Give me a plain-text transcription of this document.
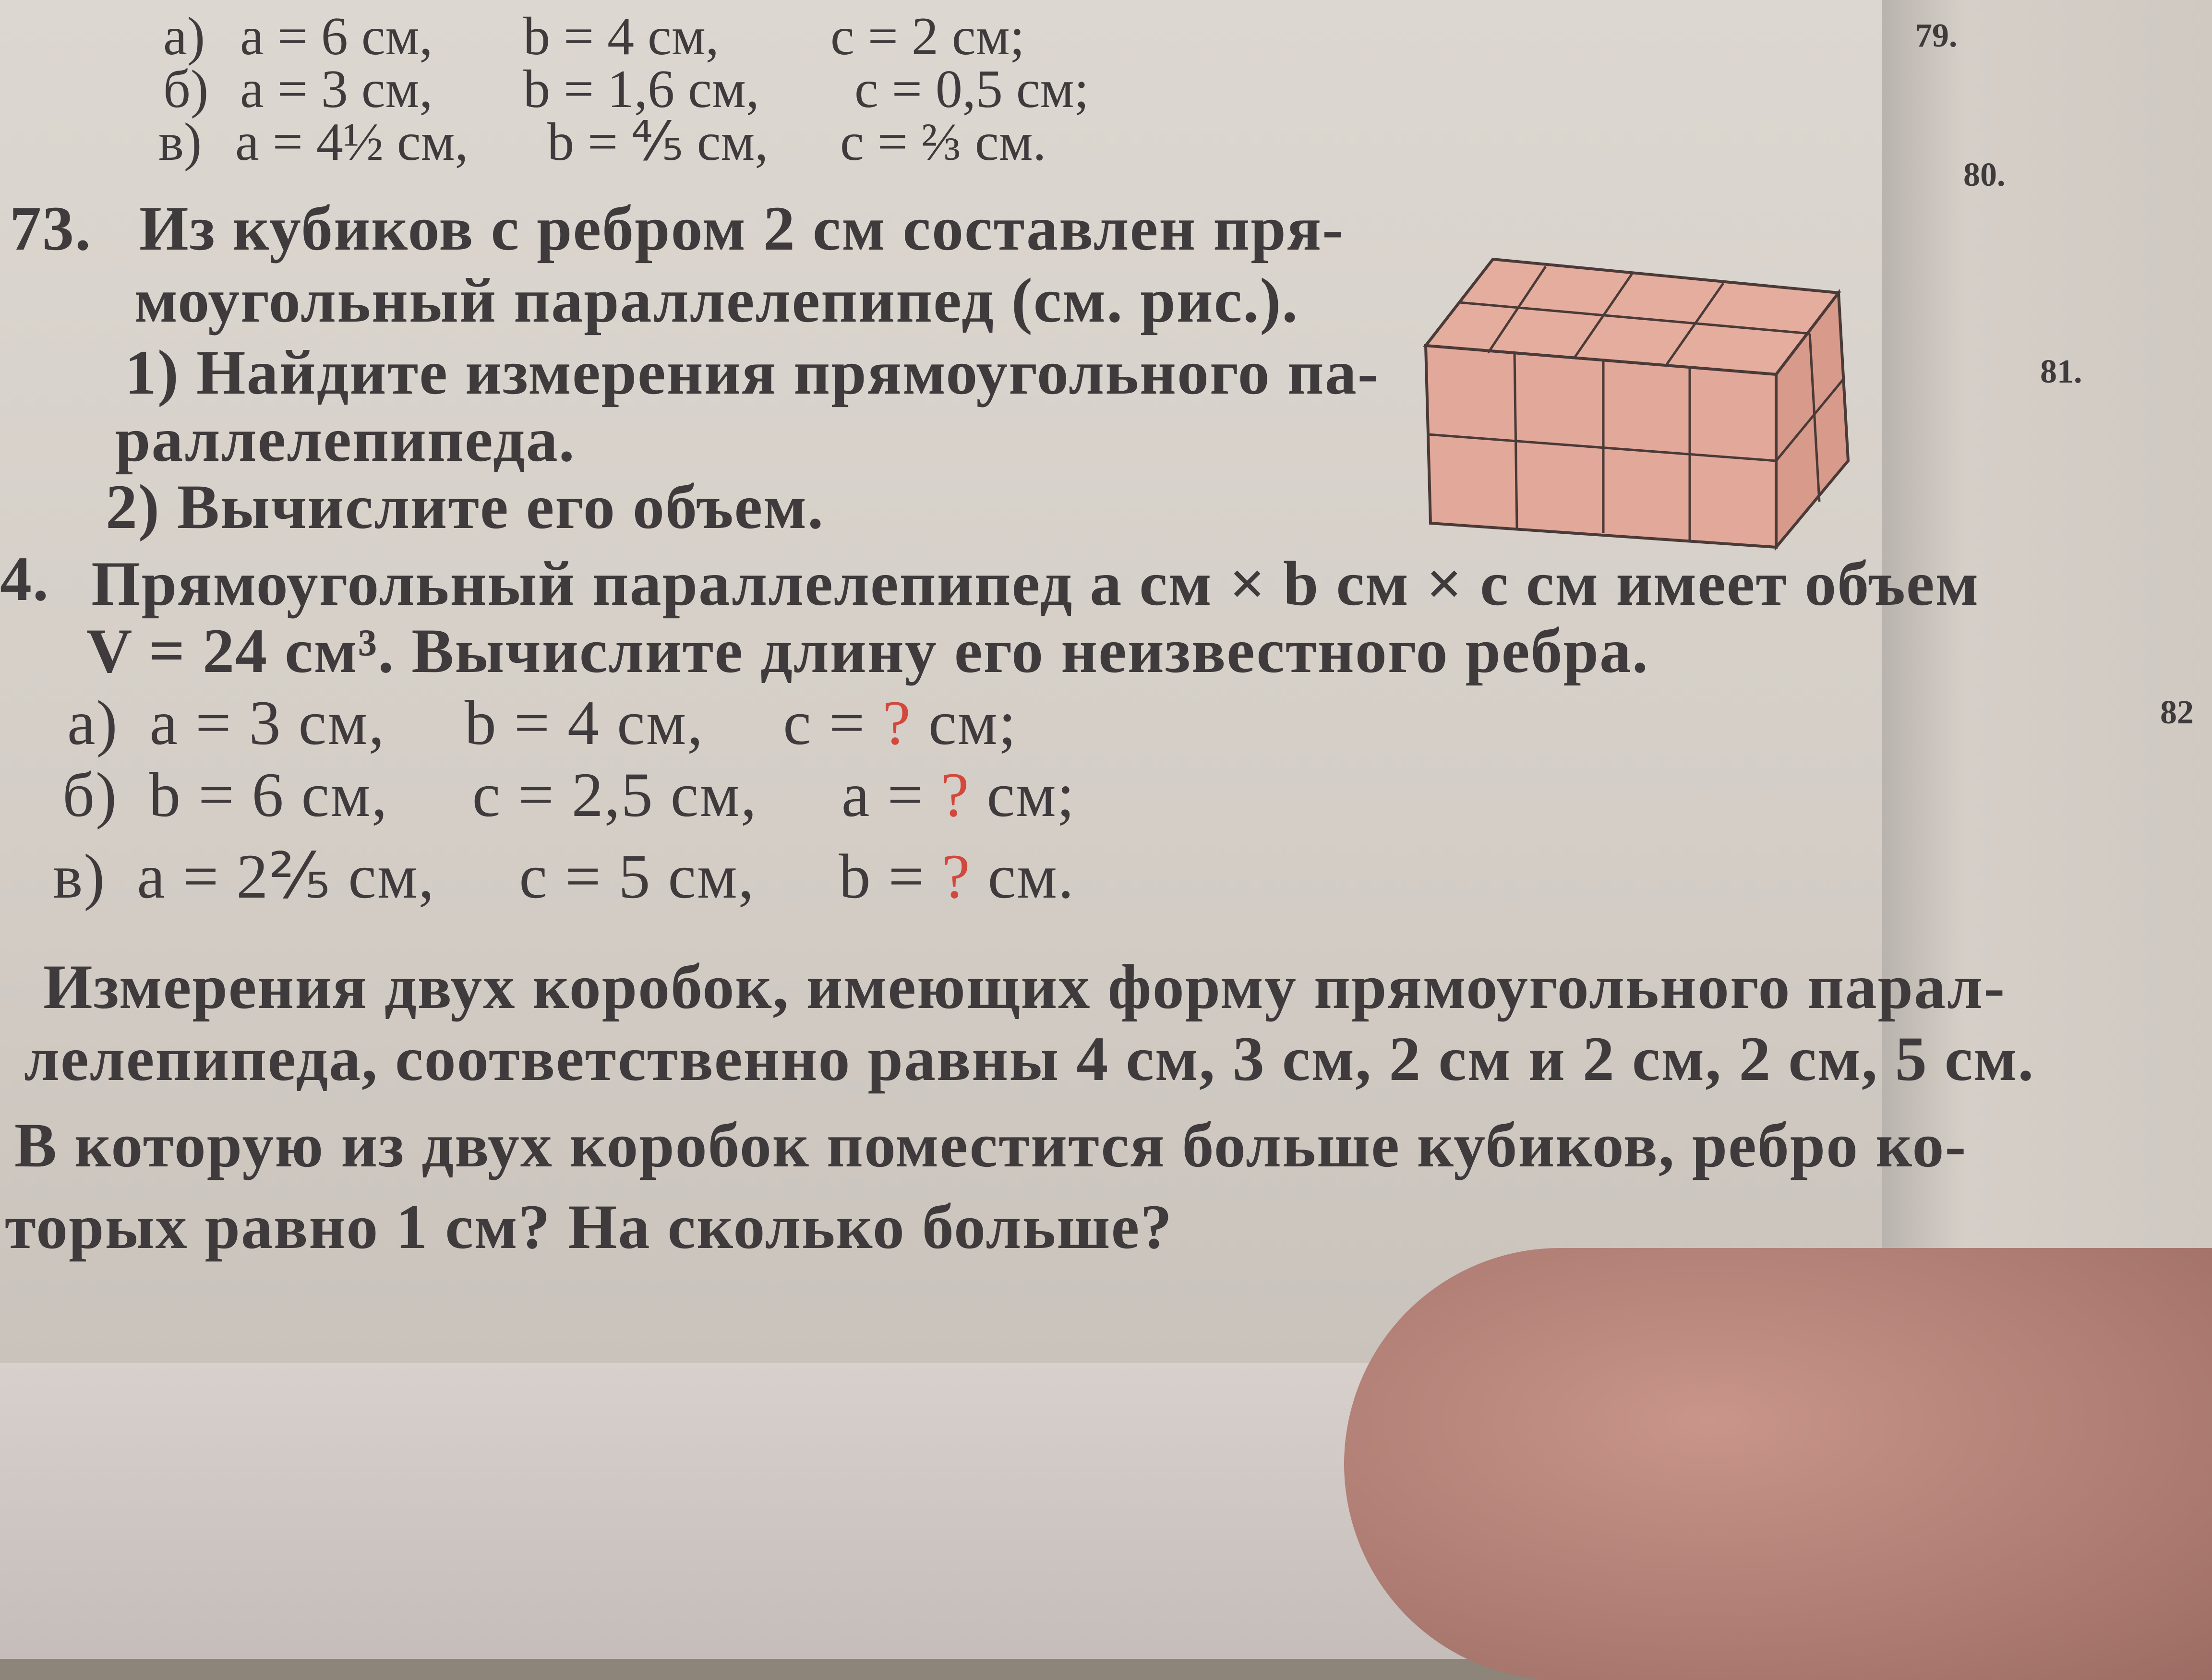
а) a = 6 см, b = 4 см, c = 2 см;
б) a = 3 см, b = 1,6 см, c = 0,5 см;
в) a = 4½ см, b = ⅘ см, c = ⅔ см.
73. Из кубиков с ребром 2 см составлен пря-
моугольный параллелепипед (см. рис.).
1) Найдите измерения прямоугольного па-
раллелепипеда.
2) Вычислите его объем.
4. Прямоугольный параллелепипед a см × b см × c см имеет объем
V = 24 см³. Вычислите длину его неизвестного ребра.
а) a = 3 см, b = 4 см, c = ? см;
б) b = 6 см, c = 2,5 см, a = ? см;
в) a = 2⅖ см, c = 5 см, b = ? см.
Измерения двух коробок, имеющих форму прямоугольного парал-
лелепипеда, соответственно равны 4 см, 3 см, 2 см и 2 см, 2 см, 5 см.
В которую из двух коробок поместится больше кубиков, ребро ко-
торых равно 1 см? На сколько больше?
79.
80.
81.
82
